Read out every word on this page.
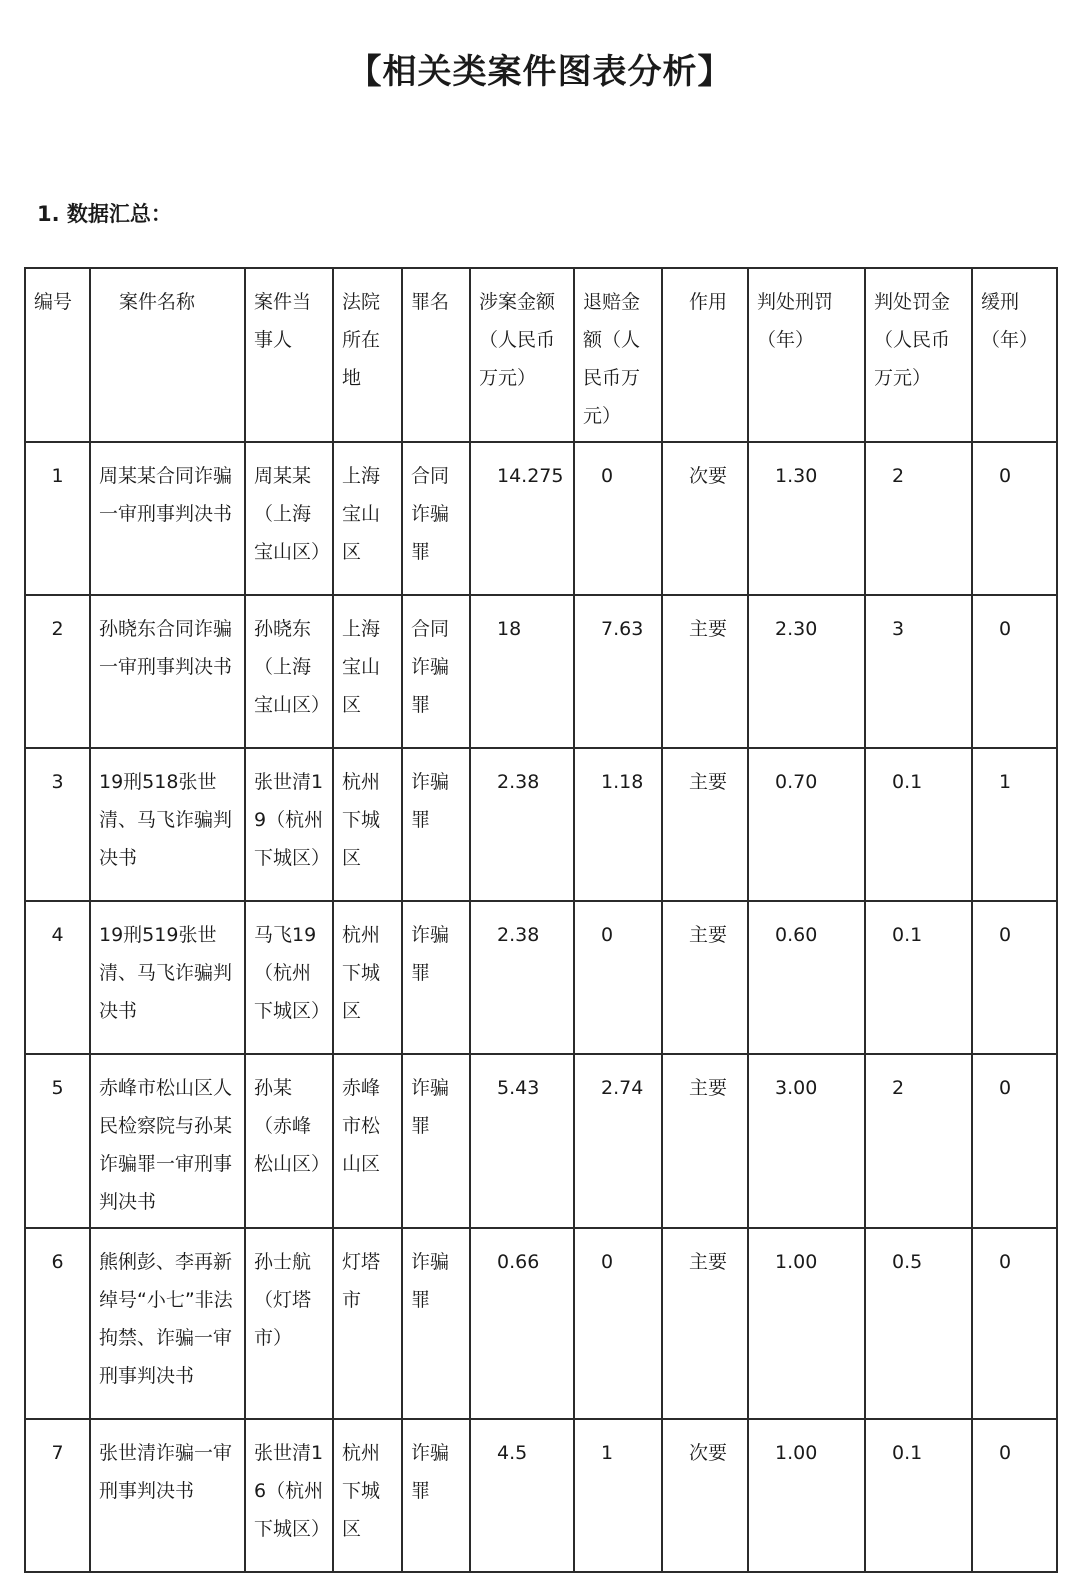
【相关类案件图表分析】
1. 数据汇总：
编号	案件名称	案件当事人	法院所在地	罪名	涉案金额（人民币万元）	退赔金额（人民币万元）	作用	判处刑罚（年）	判处罚金（人民币万元）	缓刑（年）
1	周某某合同诈骗一审刑事判决书	周某某（上海宝山区）	上海宝山区	合同诈骗罪	14.275	0	次要	1.30	2	0
2	孙晓东合同诈骗一审刑事判决书	孙晓东（上海宝山区）	上海宝山区	合同诈骗罪	18	7.63	主要	2.30	3	0
3	19刑518张世清、马飞诈骗判决书	张世清19（杭州下城区）	杭州下城区	诈骗罪	2.38	1.18	主要	0.70	0.1	1
4	19刑519张世清、马飞诈骗判决书	马飞19（杭州下城区）	杭州下城区	诈骗罪	2.38	0	主要	0.60	0.1	0
5	赤峰市松山区人民检察院与孙某诈骗罪一审刑事判决书	孙某（赤峰松山区）	赤峰市松山区	诈骗罪	5.43	2.74	主要	3.00	2	0
6	熊俐彭、李再新绰号“小七”非法拘禁、诈骗一审刑事判决书	孙士航（灯塔市）	灯塔市	诈骗罪	0.66	0	主要	1.00	0.5	0
7	张世清诈骗一审刑事判决书	张世清16（杭州下城区）	杭州下城区	诈骗罪	4.5	1	次要	1.00	0.1	0
